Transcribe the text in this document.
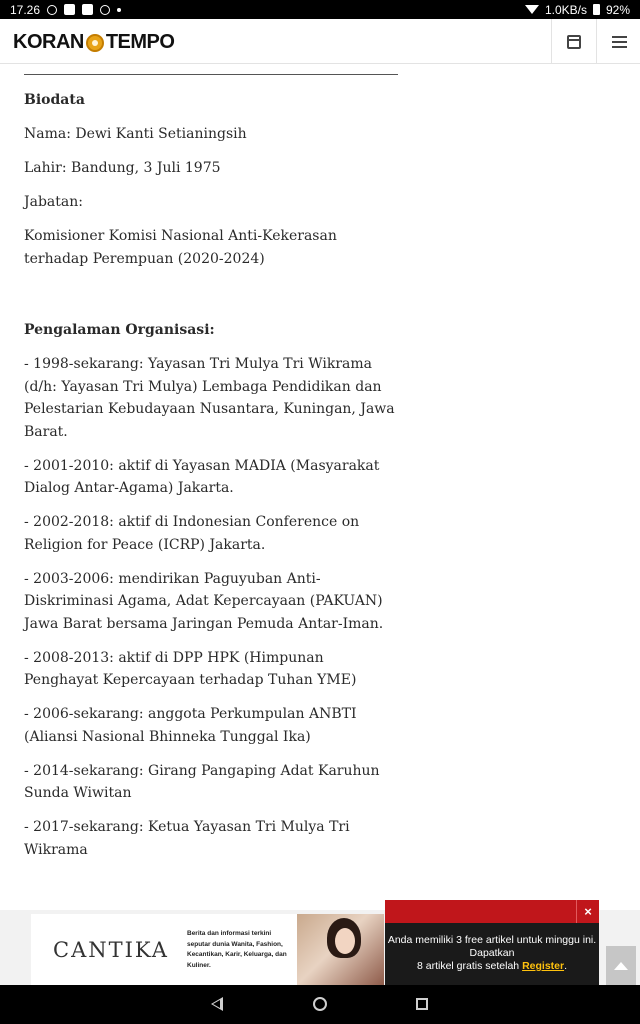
17.26	1.0KB/s 92%
KORAN TEMPO

Biodata

Nama: Dewi Kanti Setianingsih

Lahir: Bandung, 3 Juli 1975

Jabatan:

Komisioner Komisi Nasional Anti-Kekerasan terhadap Perempuan (2020-2024)

Pengalaman Organisasi:

- 1998-sekarang: Yayasan Tri Mulya Tri Wikrama (d/h: Yayasan Tri Mulya) Lembaga Pendidikan dan Pelestarian Kebudayaan Nusantara, Kuningan, Jawa Barat.

- 2001-2010: aktif di Yayasan MADIA (Masyarakat Dialog Antar-Agama) Jakarta.

- 2002-2018: aktif di Indonesian Conference on Religion for Peace (ICRP) Jakarta.

- 2003-2006: mendirikan Paguyuban Anti-Diskriminasi Agama, Adat Kepercayaan (PAKUAN) Jawa Barat bersama Jaringan Pemuda Antar-Iman.

- 2008-2013: aktif di DPP HPK (Himpunan Penghayat Kepercayaan terhadap Tuhan YME)

- 2006-sekarang: anggota Perkumpulan ANBTI (Aliansi Nasional Bhinneka Tunggal Ika)

- 2014-sekarang: Girang Pangaping Adat Karuhun Sunda Wiwitan

- 2017-sekarang: Ketua Yayasan Tri Mulya Tri Wikrama

CANTIKA
Berita dan informasi terkini seputar dunia Wanita, Fashion, Kecantikan, Karir, Keluarga, dan Kuliner.
×
Anda memiliki 3 free artikel untuk minggu ini. Dapatkan
8 artikel gratis setelah Register.
